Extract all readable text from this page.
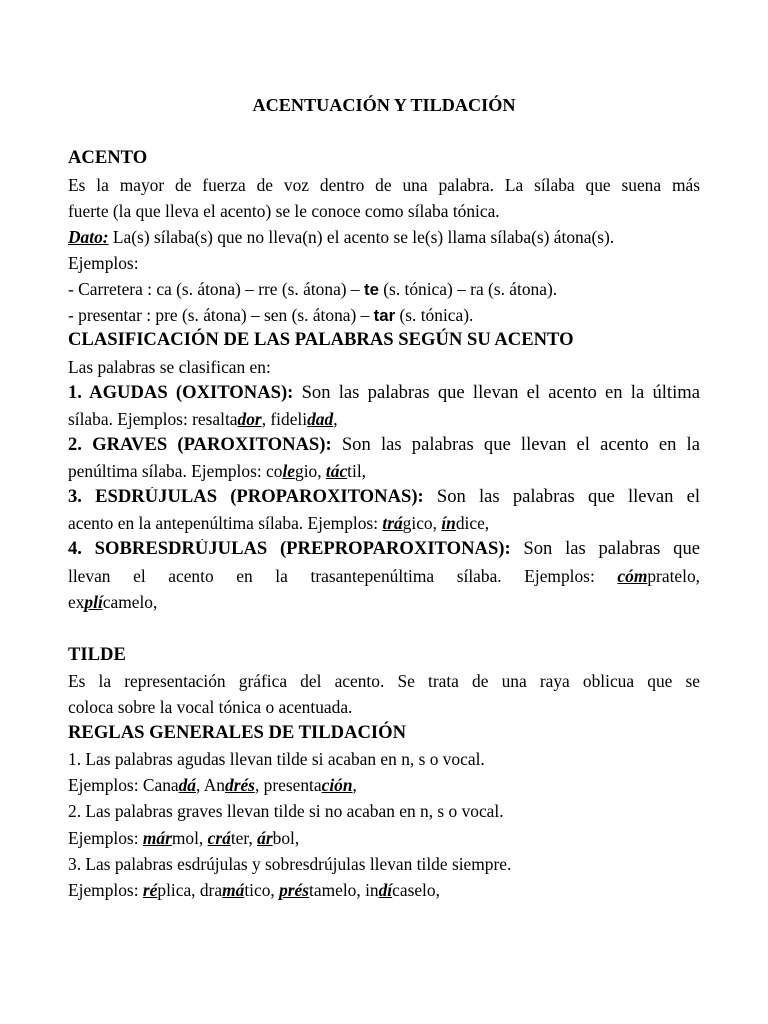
ACENTUACIÓN Y TILDACIÓN
ACENTO
Es la mayor de fuerza de voz dentro de una palabra. La sílaba que suena más
fuerte (la que lleva el acento) se le conoce como sílaba tónica.
Dato: La(s) sílaba(s) que no lleva(n) el acento se le(s) llama sílaba(s) átona(s).
Ejemplos:
- Carretera : ca (s. átona) – rre (s. átona) – te (s. tónica) – ra (s. átona).
- presentar : pre (s. átona) – sen (s. átona) – tar (s. tónica).
CLASIFICACIÓN DE LAS PALABRAS SEGÚN SU ACENTO
Las palabras se clasifican en:
1. AGUDAS (OXITONAS): Son las palabras que llevan el acento en la última
sílaba. Ejemplos: resaltador, fidelidad,
2. GRAVES (PAROXITONAS): Son las palabras que llevan el acento en la
penúltima sílaba. Ejemplos: colegio, táctil,
3. ESDRÚJULAS (PROPAROXITONAS): Son las palabras que llevan el
acento en la antepenúltima sílaba. Ejemplos: trágico, índice,
4. SOBRESDRÚJULAS (PREPROPAROXITONAS): Son las palabras que
llevan el acento en la trasantepenúltima sílaba. Ejemplos: cómpratelo,
explícamelo,
TILDE
Es la representación gráfica del acento. Se trata de una raya oblicua que se
coloca sobre la vocal tónica o acentuada.
REGLAS GENERALES DE TILDACIÓN
1. Las palabras agudas llevan tilde si acaban en n, s o vocal.
Ejemplos: Canadá, Andrés, presentación,
2. Las palabras graves llevan tilde si no acaban en n, s o vocal.
Ejemplos: mármol, cráter, árbol,
3. Las palabras esdrújulas y sobresdrújulas llevan tilde siempre.
Ejemplos: réplica, dramático, préstamelo, indícaselo,
